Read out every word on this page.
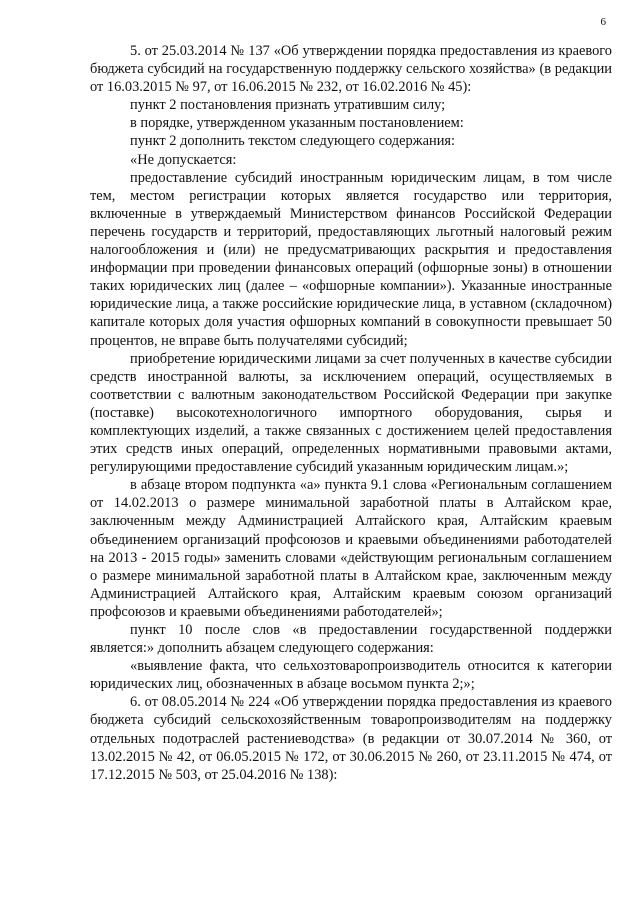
6

5. от 25.03.2014 № 137 «Об утверждении порядка предоставления из краевого бюджета субсидий на государственную поддержку сельского хозяйства» (в редакции от 16.03.2015 № 97, от 16.06.2015 № 232, от 16.02.2016 № 45):

пункт 2 постановления признать утратившим силу;

в порядке, утвержденном указанным постановлением:

пункт 2 дополнить текстом следующего содержания:

«Не допускается:

предоставление субсидий иностранным юридическим лицам, в том числе тем, местом регистрации которых является государство или территория, включенные в утверждаемый Министерством финансов Российской Федерации перечень государств и территорий, предоставляющих льготный налоговый режим налогообложения и (или) не предусматривающих раскрытия и предоставления информации при проведении финансовых операций (офшорные зоны) в отношении таких юридических лиц (далее – «офшорные компании»). Указанные иностранные юридические лица, а также российские юридические лица, в уставном (складочном) капитале которых доля участия офшорных компаний в совокупности превышает 50 процентов, не вправе быть получателями субсидий;

приобретение юридическими лицами за счет полученных в качестве субсидии средств иностранной валюты, за исключением операций, осуществляемых в соответствии с валютным законодательством Российской Федерации при закупке (поставке) высокотехнологичного импортного оборудования, сырья и комплектующих изделий, а также связанных с достижением целей предоставления этих средств иных операций, определенных нормативными правовыми актами, регулирующими предоставление субсидий указанным юридическим лицам.»;

в абзаце втором подпункта «а» пункта 9.1 слова «Региональным соглашением от 14.02.2013 о размере минимальной заработной платы в Алтайском крае, заключенным между Администрацией Алтайского края, Алтайским краевым объединением организаций профсоюзов и краевыми объединениями работодателей на 2013 - 2015 годы» заменить словами «действующим региональным соглашением о размере минимальной заработной платы в Алтайском крае, заключенным между Администрацией Алтайского края, Алтайским краевым союзом организаций профсоюзов и краевыми объединениями работодателей»;

пункт 10 после слов «в предоставлении государственной поддержки является:» дополнить абзацем следующего содержания:

«выявление факта, что сельхозтоваропроизводитель относится к категории юридических лиц, обозначенных в абзаце восьмом пункта 2;»;

6. от 08.05.2014 № 224 «Об утверждении порядка предоставления из краевого бюджета субсидий сельскохозяйственным товаропроизводителям на поддержку отдельных подотраслей растениеводства» (в редакции от 30.07.2014 № 360, от 13.02.2015 № 42, от 06.05.2015 № 172, от 30.06.2015 № 260, от 23.11.2015 № 474, от 17.12.2015 № 503, от 25.04.2016 № 138):
